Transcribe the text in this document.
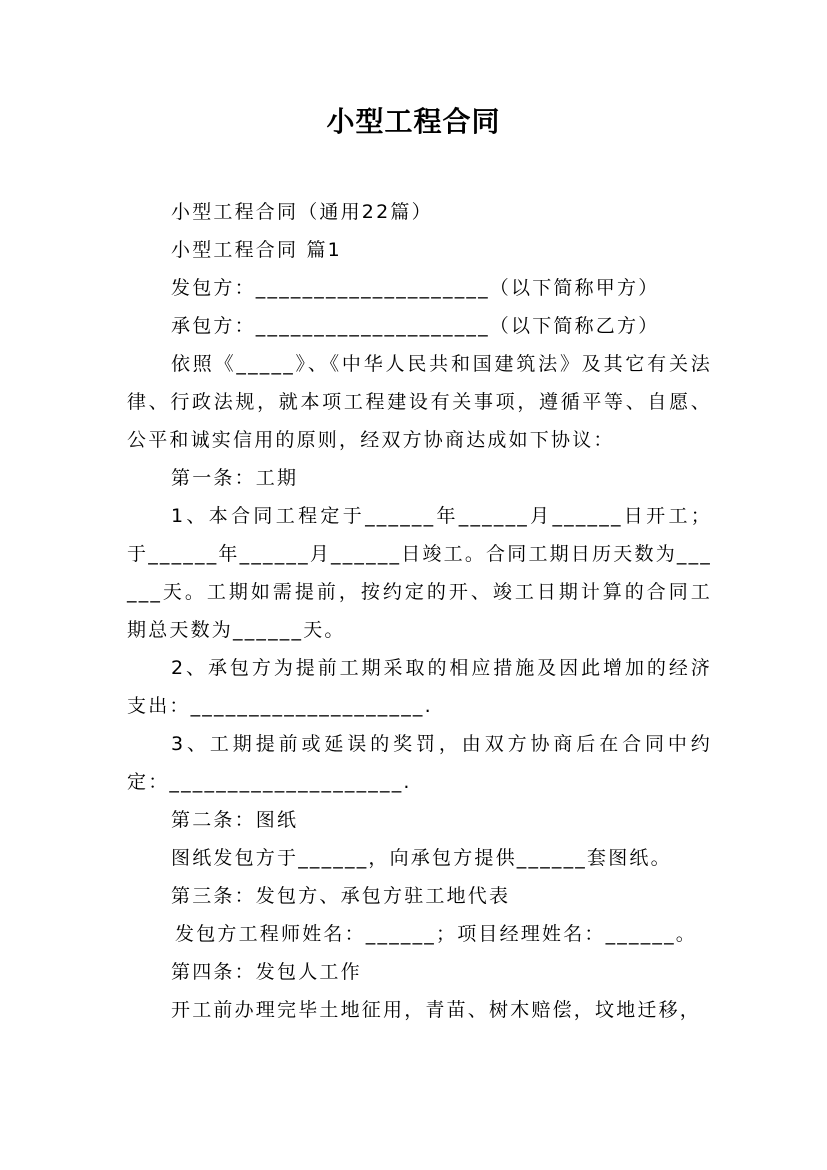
小型工程合同

小型工程合同（通用22篇）

小型工程合同 篇1

发包方：____________________（以下简称甲方）

承包方：____________________（以下简称乙方）

依照《_____》、《中华人民共和国建筑法》及其它有关法律、行政法规，就本项工程建设有关事项，遵循平等、自愿、公平和诚实信用的原则，经双方协商达成如下协议：

第一条：工期

1、本合同工程定于______年______月______日开工；于______年______月______日竣工。合同工期日历天数为______天。工期如需提前，按约定的开、竣工日期计算的合同工期总天数为______天。

2、承包方为提前工期采取的相应措施及因此增加的经济支出：____________________.

3、工期提前或延误的奖罚，由双方协商后在合同中约定：____________________.

第二条：图纸

图纸发包方于______，向承包方提供______套图纸。

第三条：发包方、承包方驻工地代表

发包方工程师姓名：______；项目经理姓名：______。

第四条：发包人工作

开工前办理完毕土地征用，青苗、树木赔偿，坟地迁移，
